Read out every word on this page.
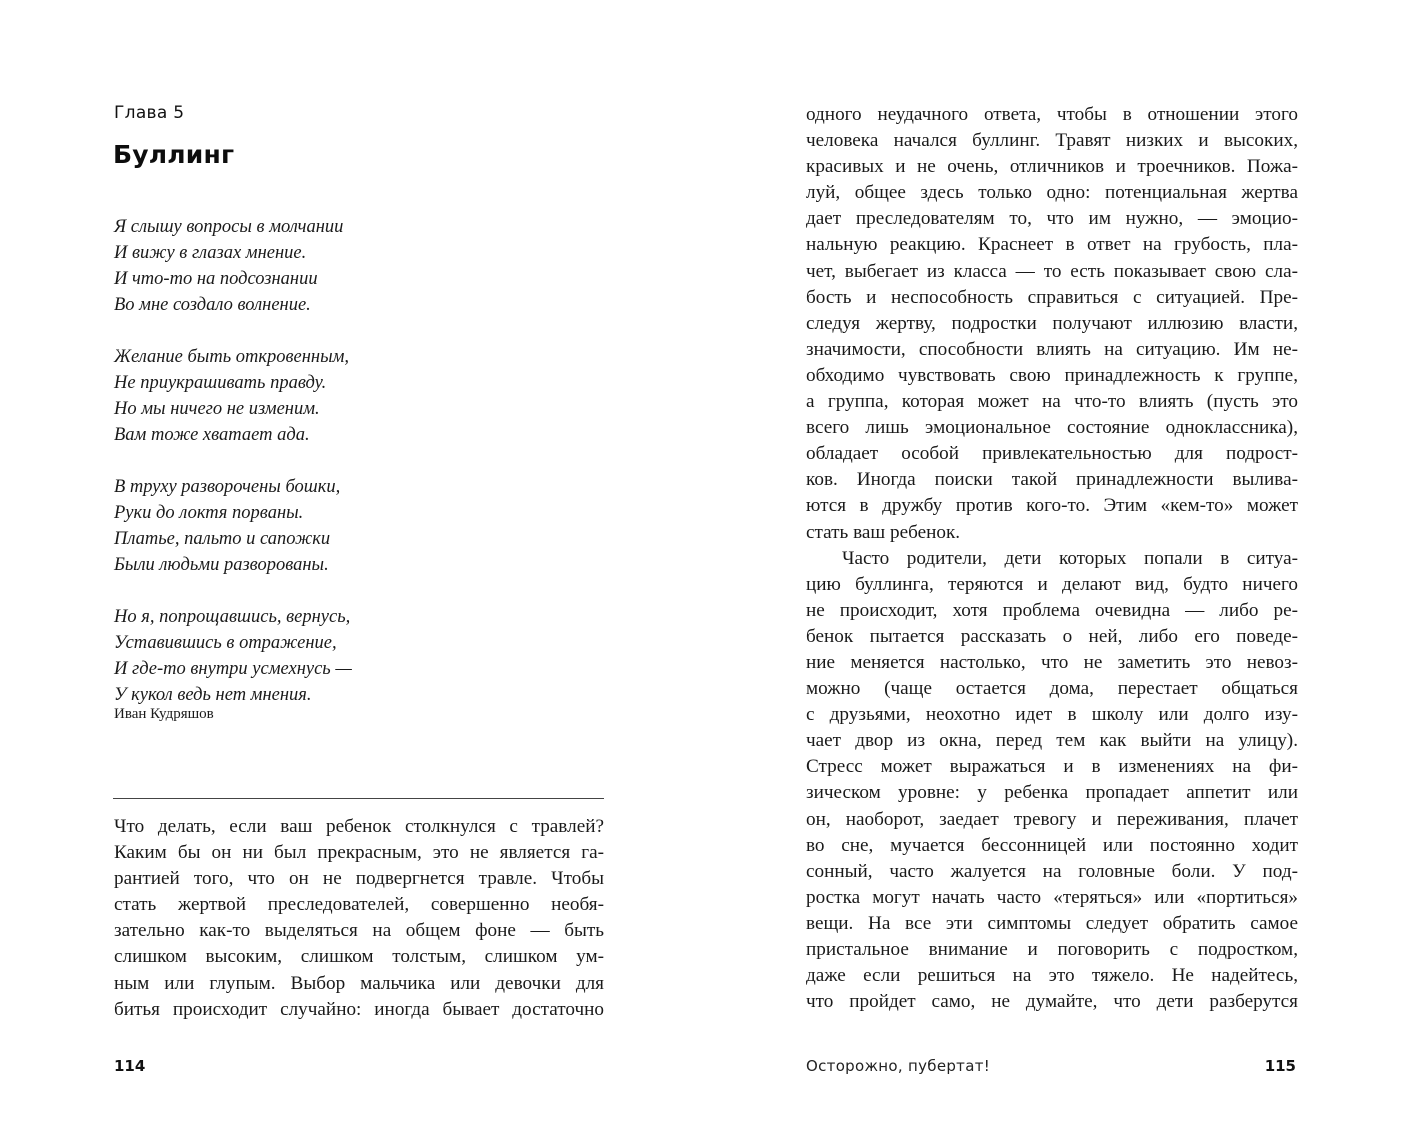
Глава 5
Буллинг
Я слышу вопросы в молчании
И вижу в глазах мнение.
И что-то на подсознании
Во мне создало волнение.
Желание быть откровенным,
Не приукрашивать правду.
Но мы ничего не изменим.
Вам тоже хватает ада.
В труху разворочены бошки,
Руки до локтя порваны.
Платье, пальто и сапожки
Были людьми разворованы.
Но я, попрощавшись, вернусь,
Уставившись в отражение,
И где-то внутри усмехнусь —
У кукол ведь нет мнения.
Иван Кудряшов
Что делать, если ваш ребенок столкнулся с травлей?
Каким бы он ни был прекрасным, это не является га-
рантией того, что он не подвергнется травле. Чтобы
стать жертвой преследователей, совершенно необя-
зательно как-то выделяться на общем фоне — быть
слишком высоким, слишком толстым, слишком ум-
ным или глупым. Выбор мальчика или девочки для
битья происходит случайно: иногда бывает достаточно
114
одного неудачного ответа, чтобы в отношении этого
человека начался буллинг. Травят низких и высоких,
красивых и не очень, отличников и троечников. Пожа-
луй, общее здесь только одно: потенциальная жертва
дает преследователям то, что им нужно, — эмоцио-
нальную реакцию. Краснеет в ответ на грубость, пла-
чет, выбегает из класса — то есть показывает свою сла-
бость и неспособность справиться с ситуацией. Пре-
следуя жертву, подростки получают иллюзию власти,
значимости, способности влиять на ситуацию. Им не-
обходимо чувствовать свою принадлежность к группе,
а группа, которая может на что-то влиять (пусть это
всего лишь эмоциональное состояние одноклассника),
обладает особой привлекательностью для подрост-
ков. Иногда поиски такой принадлежности вылива-
ются в дружбу против кого-то. Этим «кем-то» может
стать ваш ребенок.
Часто родители, дети которых попали в ситуа-
цию буллинга, теряются и делают вид, будто ничего
не происходит, хотя проблема очевидна — либо ре-
бенок пытается рассказать о ней, либо его поведе-
ние меняется настолько, что не заметить это невоз-
можно (чаще остается дома, перестает общаться
с друзьями, неохотно идет в школу или долго изу-
чает двор из окна, перед тем как выйти на улицу).
Стресс может выражаться и в изменениях на фи-
зическом уровне: у ребенка пропадает аппетит или
он, наоборот, заедает тревогу и переживания, плачет
во сне, мучается бессонницей или постоянно ходит
сонный, часто жалуется на головные боли. У под-
ростка могут начать часто «теряться» или «портиться»
вещи. На все эти симптомы следует обратить самое
пристальное внимание и поговорить с подростком,
даже если решиться на это тяжело. Не надейтесь,
что пройдет само, не думайте, что дети разберутся
Осторожно, пубертат!	115
